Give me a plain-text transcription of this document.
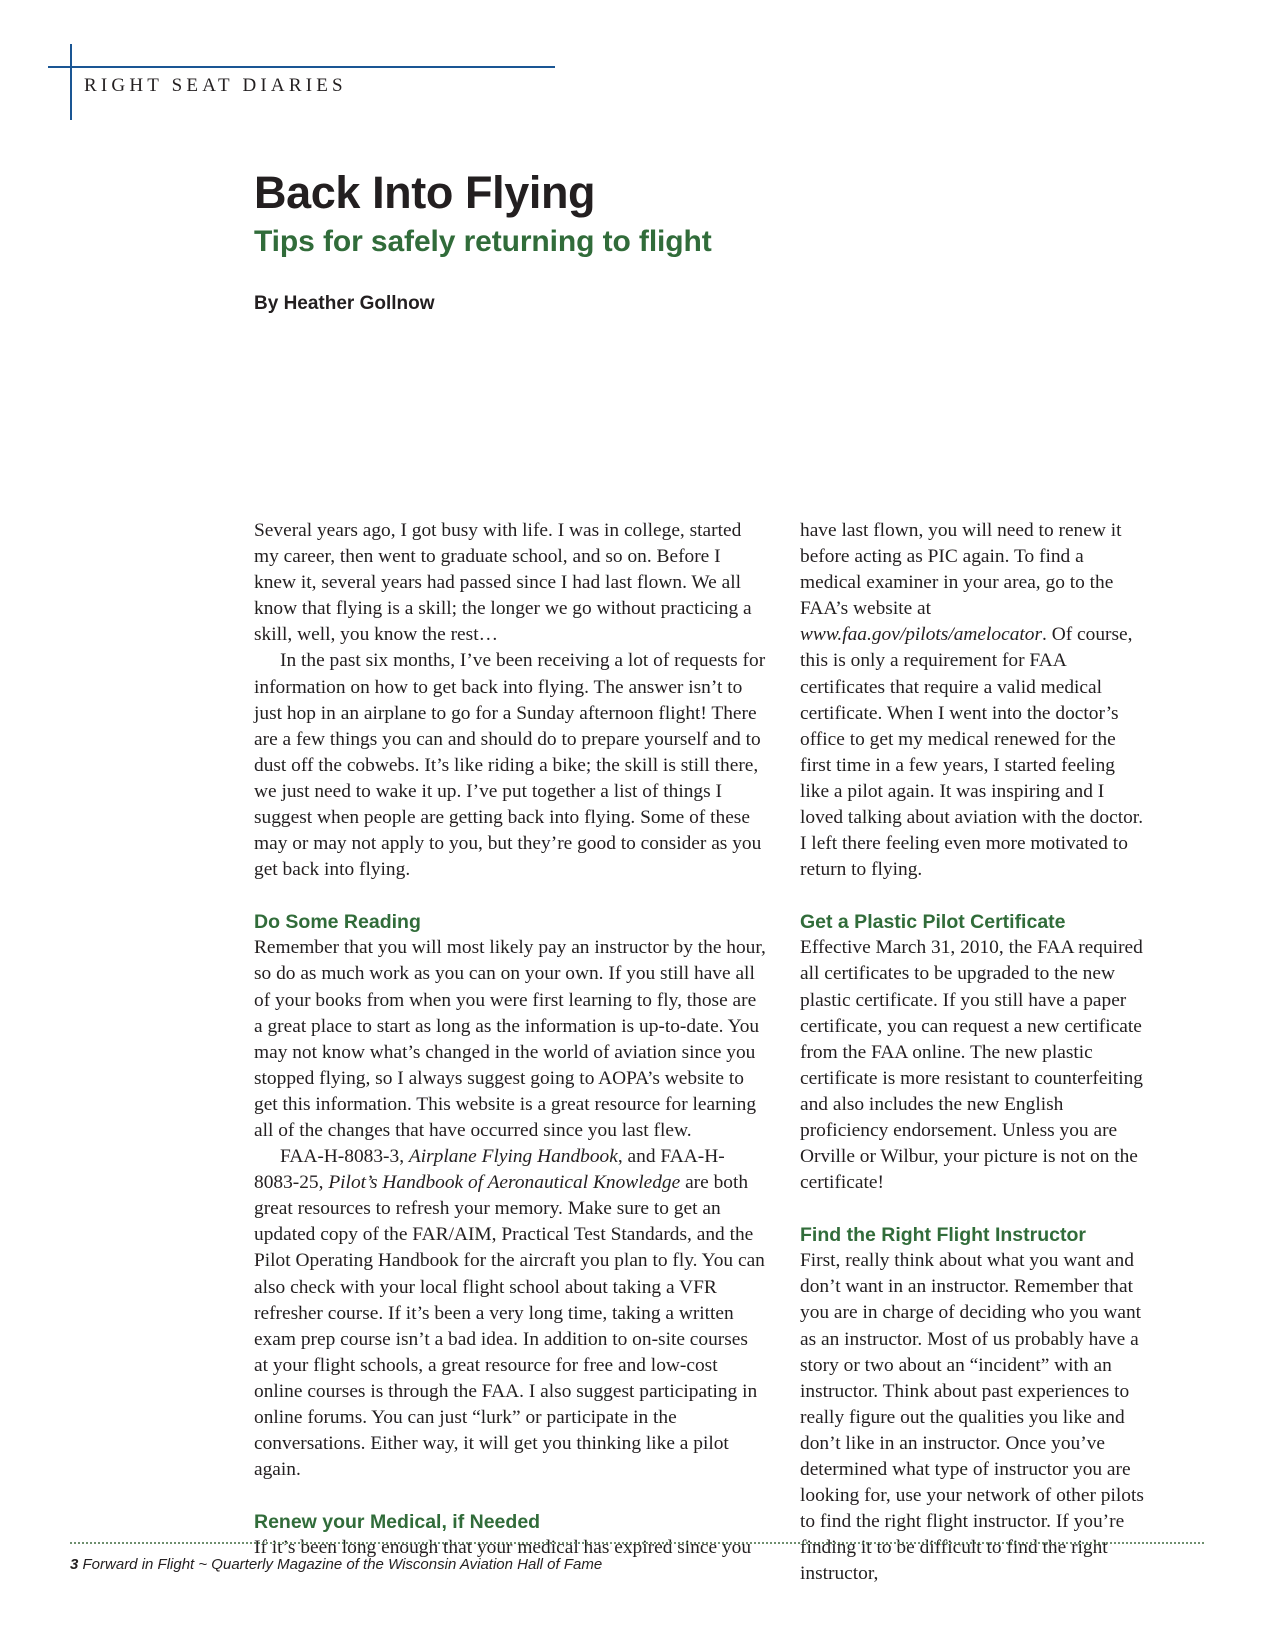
RIGHT SEAT DIARIES
Back Into Flying
Tips for safely returning to flight
By Heather Gollnow

Several years ago, I got busy with life. I was in college, started my career, then went to graduate school, and so on. Before I knew it, several years had passed since I had last flown. We all know that flying is a skill; the longer we go without practicing a skill, well, you know the rest…

In the past six months, I’ve been receiving a lot of requests for information on how to get back into flying. The answer isn’t to just hop in an airplane to go for a Sunday afternoon flight! There are a few things you can and should do to prepare yourself and to dust off the cobwebs. It’s like riding a bike; the skill is still there, we just need to wake it up. I’ve put together a list of things I suggest when people are getting back into flying. Some of these may or may not apply to you, but they’re good to consider as you get back into flying.

Do Some Reading

Remember that you will most likely pay an instructor by the hour, so do as much work as you can on your own. If you still have all of your books from when you were first learning to fly, those are a great place to start as long as the information is up-to-date. You may not know what’s changed in the world of aviation since you stopped flying, so I always suggest going to AOPA’s website to get this information. This website is a great resource for learning all of the changes that have occurred since you last flew.

FAA-H-8083-3, Airplane Flying Handbook, and FAA-H-8083-25, Pilot’s Handbook of Aeronautical Knowledge are both great resources to refresh your memory. Make sure to get an updated copy of the FAR/AIM, Practical Test Standards, and the Pilot Operating Handbook for the aircraft you plan to fly. You can also check with your local flight school about taking a VFR refresher course. If it’s been a very long time, taking a written exam prep course isn’t a bad idea. In addition to on-site courses at your flight schools, a great resource for free and low-cost online courses is through the FAA. I also suggest participating in online forums. You can just “lurk” or participate in the conversations. Either way, it will get you thinking like a pilot again.

Renew your Medical, if Needed

If it’s been long enough that your medical has expired since you

have last flown, you will need to renew it before acting as PIC again. To find a medical examiner in your area, go to the FAA’s website at www.faa.gov/pilots/amelocator. Of course, this is only a requirement for FAA certificates that require a valid medical certificate. When I went into the doctor’s office to get my medical renewed for the first time in a few years, I started feeling like a pilot again. It was inspiring and I loved talking about aviation with the doctor. I left there feeling even more motivated to return to flying.

Get a Plastic Pilot Certificate

Effective March 31, 2010, the FAA required all certificates to be upgraded to the new plastic certificate. If you still have a paper certificate, you can request a new certificate from the FAA online. The new plastic certificate is more resistant to counterfeiting and also includes the new English proficiency endorsement. Unless you are Orville or Wilbur, your picture is not on the certificate!

Find the Right Flight Instructor

First, really think about what you want and don’t want in an instructor. Remember that you are in charge of deciding who you want as an instructor. Most of us probably have a story or two about an “incident” with an instructor. Think about past experiences to really figure out the qualities you like and don’t like in an instructor. Once you’ve determined what type of instructor you are looking for, use your network of other pilots to find the right flight instructor. If you’re finding it to be difficult to find the right instructor,

3 Forward in Flight ~ Quarterly Magazine of the Wisconsin Aviation Hall of Fame
